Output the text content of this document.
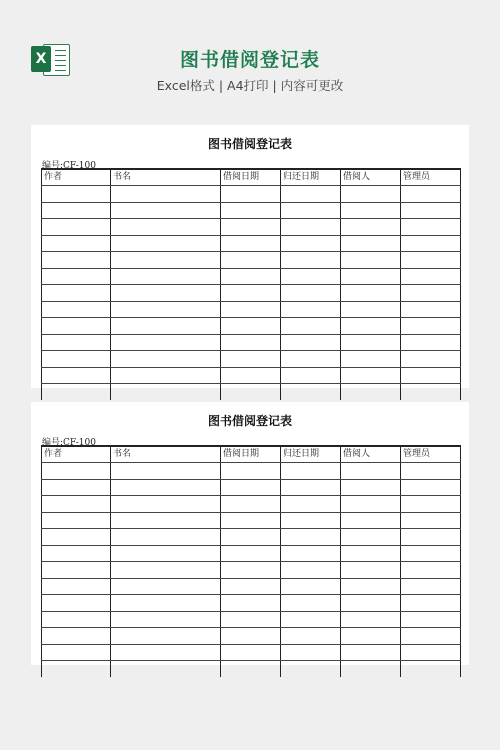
X	图书借阅登记表
Excel格式 | A4打印 | 内容可更改
图书借阅登记表
编号:CF-100
作者	书名	借阅日期	归还日期	借阅人	管理员

图书借阅登记表
编号:CF-100
作者	书名	借阅日期	归还日期	借阅人	管理员
